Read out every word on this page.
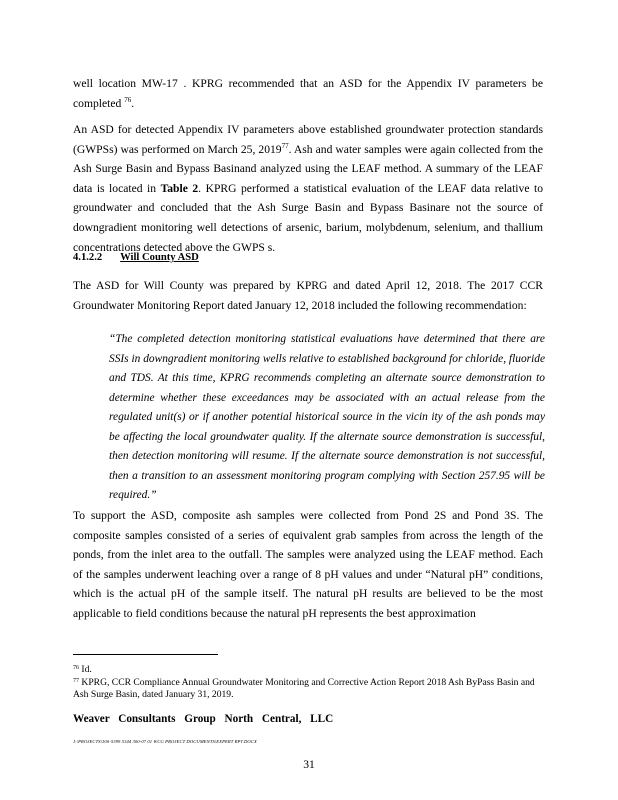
well location MW-17 . KPRG recommended that an ASD for the Appendix IV parameters be completed $^{76}$.

An ASD for detected Appendix IV parameters above established groundwater protection standards (GWPSs) was performed on March 25, 2019$^{77}$. Ash and water samples were again collected from the Ash Surge Basin and Bypass Basinand analyzed using the LEAF method. A summary of the LEAF data is located in Table 2. KPRG performed a statistical evaluation of the LEAF data relative to groundwater and concluded that the Ash Surge Basin and Bypass Basinare not the source of downgradient monitoring well detections of arsenic, barium, molybdenum, selenium, and thallium concentrations detected above the GWPS s.

4.1.2.2 Will County ASD

The ASD for Will County was prepared by KPRG and dated April 12, 2018. The 2017 CCR Groundwater Monitoring Report dated January 12, 2018 included the following recommendation:

“The completed detection monitoring statistical evaluations have determined that there are SSIs in downgradient monitoring wells relative to established background for chloride, fluoride and TDS. At this time, KPRG recommends completing an alternate source demonstration to determine whether these exceedances may be associated with an actual release from the regulated unit(s) or if another potential historical source in the vicin ity of the ash ponds may be affecting the local groundwater quality. If the alternate source demonstration is successful, then detection monitoring will resume. If the alternate source demonstration is not successful, then a transition to an assessment monitoring program complying with Section 257.95 will be required.”

To support the ASD, composite ash samples were collected from Pond 2S and Pond 3S. The composite samples consisted of a series of equivalent grab samples from across the length of the ponds, from the inlet area to the outfall. The samples were analyzed using the LEAF method. Each of the samples underwent leaching over a range of 8 pH values and under “Natural pH” conditions, which is the actual pH of the sample itself. The natural pH results are believed to be the most applicable to field conditions because the natural pH represents the best approximation

$^{76}$ Id.

$^{77}$ KPRG, CCR Compliance Annual Groundwater Monitoring and Corrective Action Report 2018 Ash ByPass Basin and Ash Surge Basin, dated January 31, 2019.

Weaver Consultants Group North Central, LLC

J:\PROJECTS\300-5399 5344 300-07 01 WCG PROJECT DOCUMENTS\EXPERT RPT.DOCX

31
